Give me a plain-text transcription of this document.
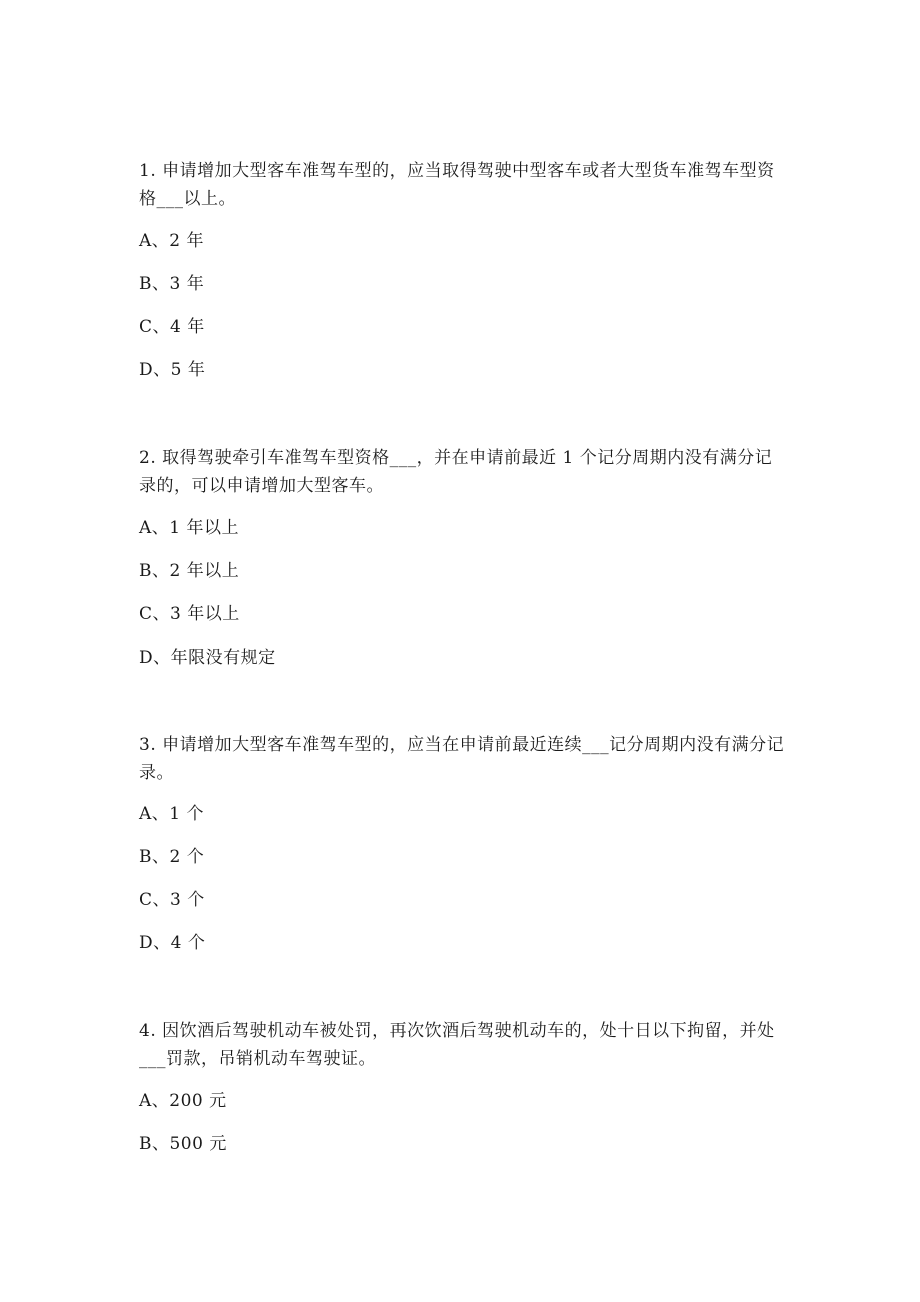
1. 申请增加大型客车准驾车型的，应当取得驾驶中型客车或者大型货车准驾车型资格___以上。
A、2 年
B、3 年
C、4 年
D、5 年
2. 取得驾驶牵引车准驾车型资格___，并在申请前最近 1 个记分周期内没有满分记录的，可以申请增加大型客车。
A、1 年以上
B、2 年以上
C、3 年以上
D、年限没有规定
3. 申请增加大型客车准驾车型的，应当在申请前最近连续___记分周期内没有满分记录。
A、1 个
B、2 个
C、3 个
D、4 个
4. 因饮酒后驾驶机动车被处罚，再次饮酒后驾驶机动车的，处十日以下拘留，并处___罚款，吊销机动车驾驶证。
A、200 元
B、500 元
